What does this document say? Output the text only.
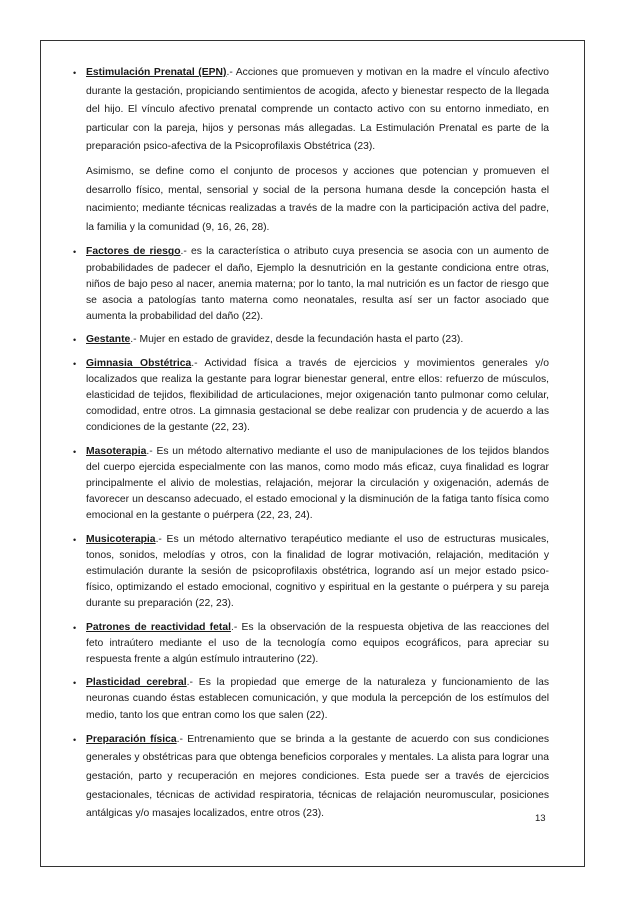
• Estimulación Prenatal (EPN).- Acciones que promueven y motivan en la madre el vínculo afectivo durante la gestación, propiciando sentimientos de acogida, afecto y bienestar respecto de la llegada del hijo. El vínculo afectivo prenatal comprende un contacto activo con su entorno inmediato, en particular con la pareja, hijos y personas más allegadas. La Estimulación Prenatal es parte de la preparación psico-afectiva de la Psicoprofilaxis Obstétrica (23).

Asimismo, se define como el conjunto de procesos y acciones que potencian y promueven el desarrollo físico, mental, sensorial y social de la persona humana desde la concepción hasta el nacimiento; mediante técnicas realizadas a través de la madre con la participación activa del padre, la familia y la comunidad (9, 16, 26, 28).

• Factores de riesgo.- es la característica o atributo cuya presencia se asocia con un aumento de probabilidades de padecer el daño, Ejemplo la desnutrición en la gestante condiciona entre otras, niños de bajo peso al nacer, anemia materna; por lo tanto, la mal nutrición es un factor de riesgo que se asocia a patologías tanto materna como neonatales, resulta así ser un factor asociado que aumenta la probabilidad del daño (22).
• Gestante.- Mujer en estado de gravidez, desde la fecundación hasta el parto (23).
• Gimnasia Obstétrica.- Actividad física a través de ejercicios y movimientos generales y/o localizados que realiza la gestante para lograr bienestar general, entre ellos: refuerzo de músculos, elasticidad de tejidos, flexibilidad de articulaciones, mejor oxigenación tanto pulmonar como celular, comodidad, entre otros. La gimnasia gestacional se debe realizar con prudencia y de acuerdo a las condiciones de la gestante (22, 23).
• Masoterapia.- Es un método alternativo mediante el uso de manipulaciones de los tejidos blandos del cuerpo ejercida especialmente con las manos, como modo más eficaz, cuya finalidad es lograr principalmente el alivio de molestias, relajación, mejorar la circulación y oxigenación, además de favorecer un descanso adecuado, el estado emocional y la disminución de la fatiga tanto física como emocional en la gestante o puérpera (22, 23, 24).
• Musicoterapia.- Es un método alternativo terapéutico mediante el uso de estructuras musicales, tonos, sonidos, melodías y otros, con la finalidad de lograr motivación, relajación, meditación y estimulación durante la sesión de psicoprofilaxis obstétrica, logrando así un mejor estado psico-físico, optimizando el estado emocional, cognitivo y espiritual en la gestante o puérpera y su pareja durante su preparación (22, 23).
• Patrones de reactividad fetal.- Es la observación de la respuesta objetiva de las reacciones del feto intraútero mediante el uso de la tecnología como equipos ecográficos, para apreciar su respuesta frente a algún estímulo intrauterino (22).
• Plasticidad cerebral.- Es la propiedad que emerge de la naturaleza y funcionamiento de las neuronas cuando éstas establecen comunicación, y que modula la percepción de los estímulos del medio, tanto los que entran como los que salen (22).
• Preparación física.- Entrenamiento que se brinda a la gestante de acuerdo con sus condiciones generales y obstétricas para que obtenga beneficios corporales y mentales. La alista para lograr una gestación, parto y recuperación en mejores condiciones. Esta puede ser a través de ejercicios gestacionales, técnicas de actividad respiratoria, técnicas de relajación neuromuscular, posiciones antálgicas y/o masajes localizados, entre otros (23).	13
